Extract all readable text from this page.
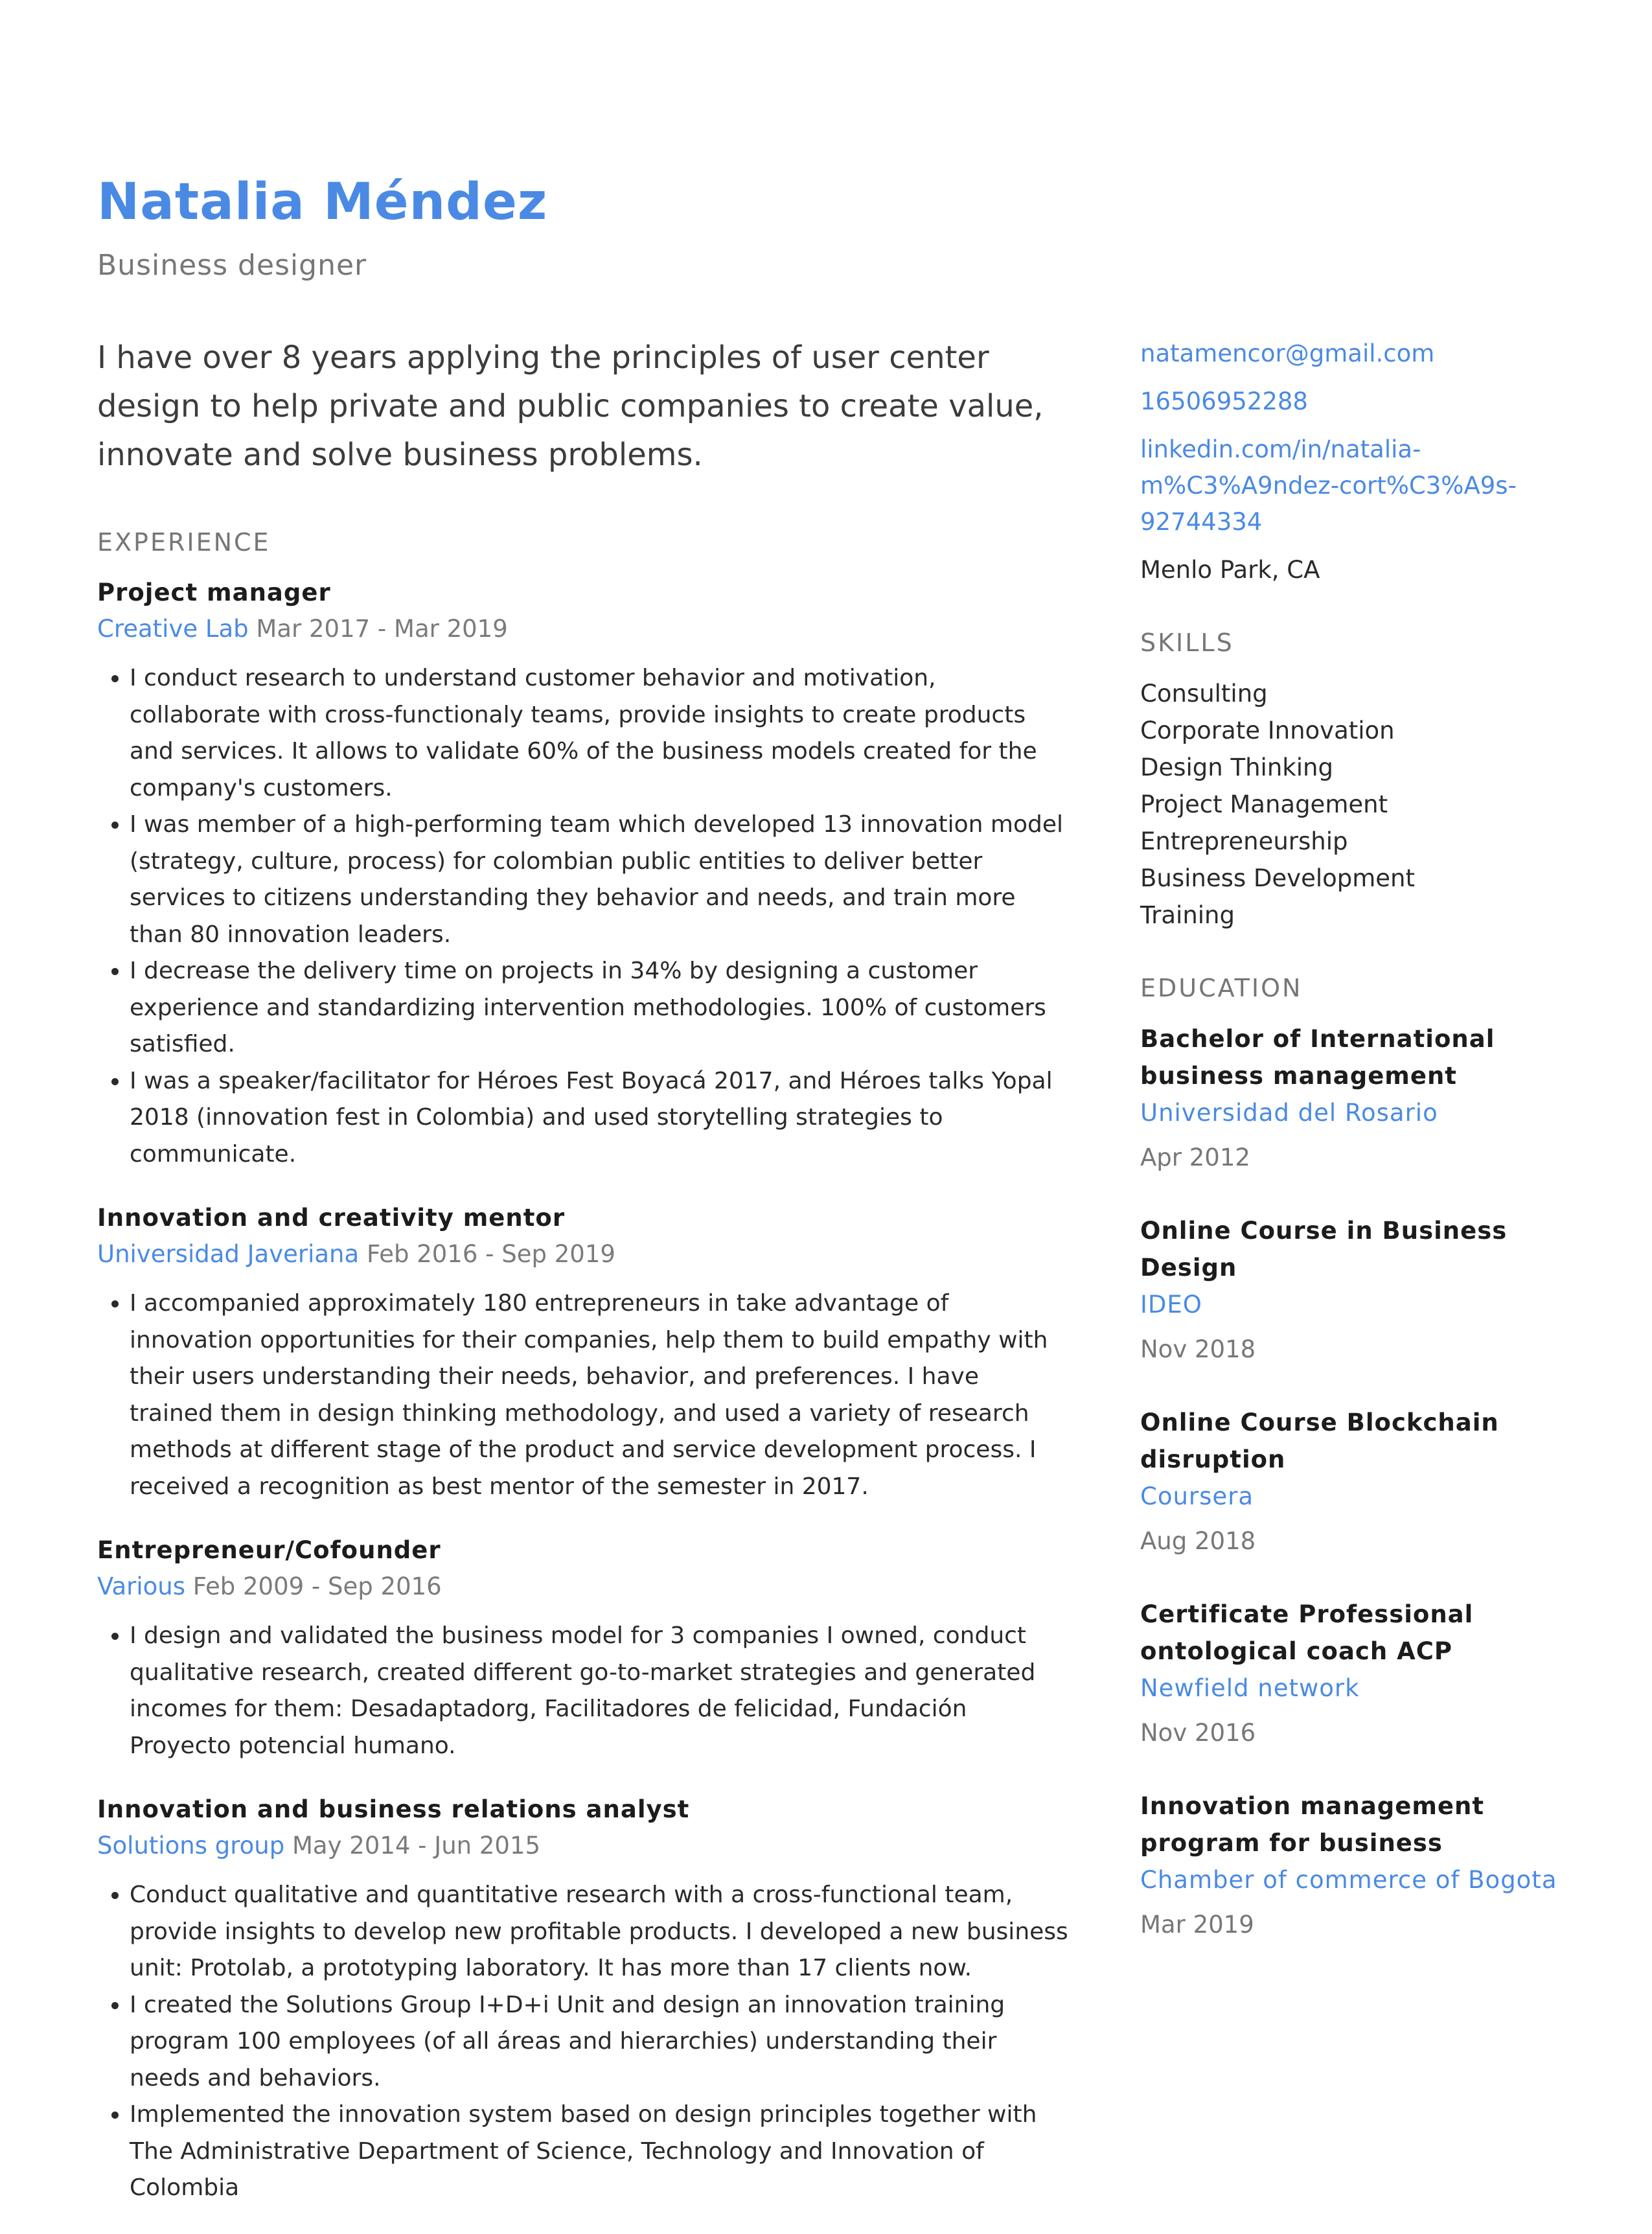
Natalia Méndez
Business designer

I have over 8 years applying the principles of user center design to help private and public companies to create value, innovate and solve business problems.

EXPERIENCE
Project manager
Creative Lab Mar 2017 - Mar 2019
• I conduct research to understand customer behavior and motivation, collaborate with cross-functionaly teams, provide insights to create products and services. It allows to validate 60% of the business models created for the company's customers.
• I was member of a high-performing team which developed 13 innovation model (strategy, culture, process) for colombian public entities to deliver better services to citizens understanding they behavior and needs, and train more than 80 innovation leaders.
• I decrease the delivery time on projects in 34% by designing a customer experience and standardizing intervention methodologies. 100% of customers satisfied.
• I was a speaker/facilitator for Héroes Fest Boyacá 2017, and Héroes talks Yopal 2018 (innovation fest in Colombia) and used storytelling strategies to communicate.
Innovation and creativity mentor
Universidad Javeriana Feb 2016 - Sep 2019
• I accompanied approximately 180 entrepreneurs in take advantage of innovation opportunities for their companies, help them to build empathy with their users understanding their needs, behavior, and preferences. I have trained them in design thinking methodology, and used a variety of research methods at different stage of the product and service development process. I received a recognition as best mentor of the semester in 2017.
Entrepreneur/Cofounder
Various Feb 2009 - Sep 2016
• I design and validated the business model for 3 companies I owned, conduct qualitative research, created different go-to-market strategies and generated incomes for them: Desadaptadorg, Facilitadores de felicidad, Fundación Proyecto potencial humano.
Innovation and business relations analyst
Solutions group May 2014 - Jun 2015
• Conduct qualitative and quantitative research with a cross-functional team, provide insights to develop new profitable products. I developed a new business unit: Protolab, a prototyping laboratory. It has more than 17 clients now.
• I created the Solutions Group I+D+i Unit and design an innovation training program 100 employees (of all áreas and hierarchies) understanding their needs and behaviors.
• Implemented the innovation system based on design principles together with The Administrative Department of Science, Technology and Innovation of Colombia
natamencor@gmail.com
16506952288
linkedin.com/in/natalia-
m%C3%A9ndez-cort%C3%A9s-
92744334
Menlo Park, CA
SKILLS
Consulting
Corporate Innovation
Design Thinking
Project Management
Entrepreneurship
Business Development
Training
EDUCATION
Bachelor of International business management
Universidad del Rosario
Apr 2012
Online Course in Business Design
IDEO
Nov 2018
Online Course Blockchain disruption
Coursera
Aug 2018
Certificate Professional ontological coach ACP
Newfield network
Nov 2016
Innovation management program for business
Chamber of commerce of Bogota
Mar 2019
